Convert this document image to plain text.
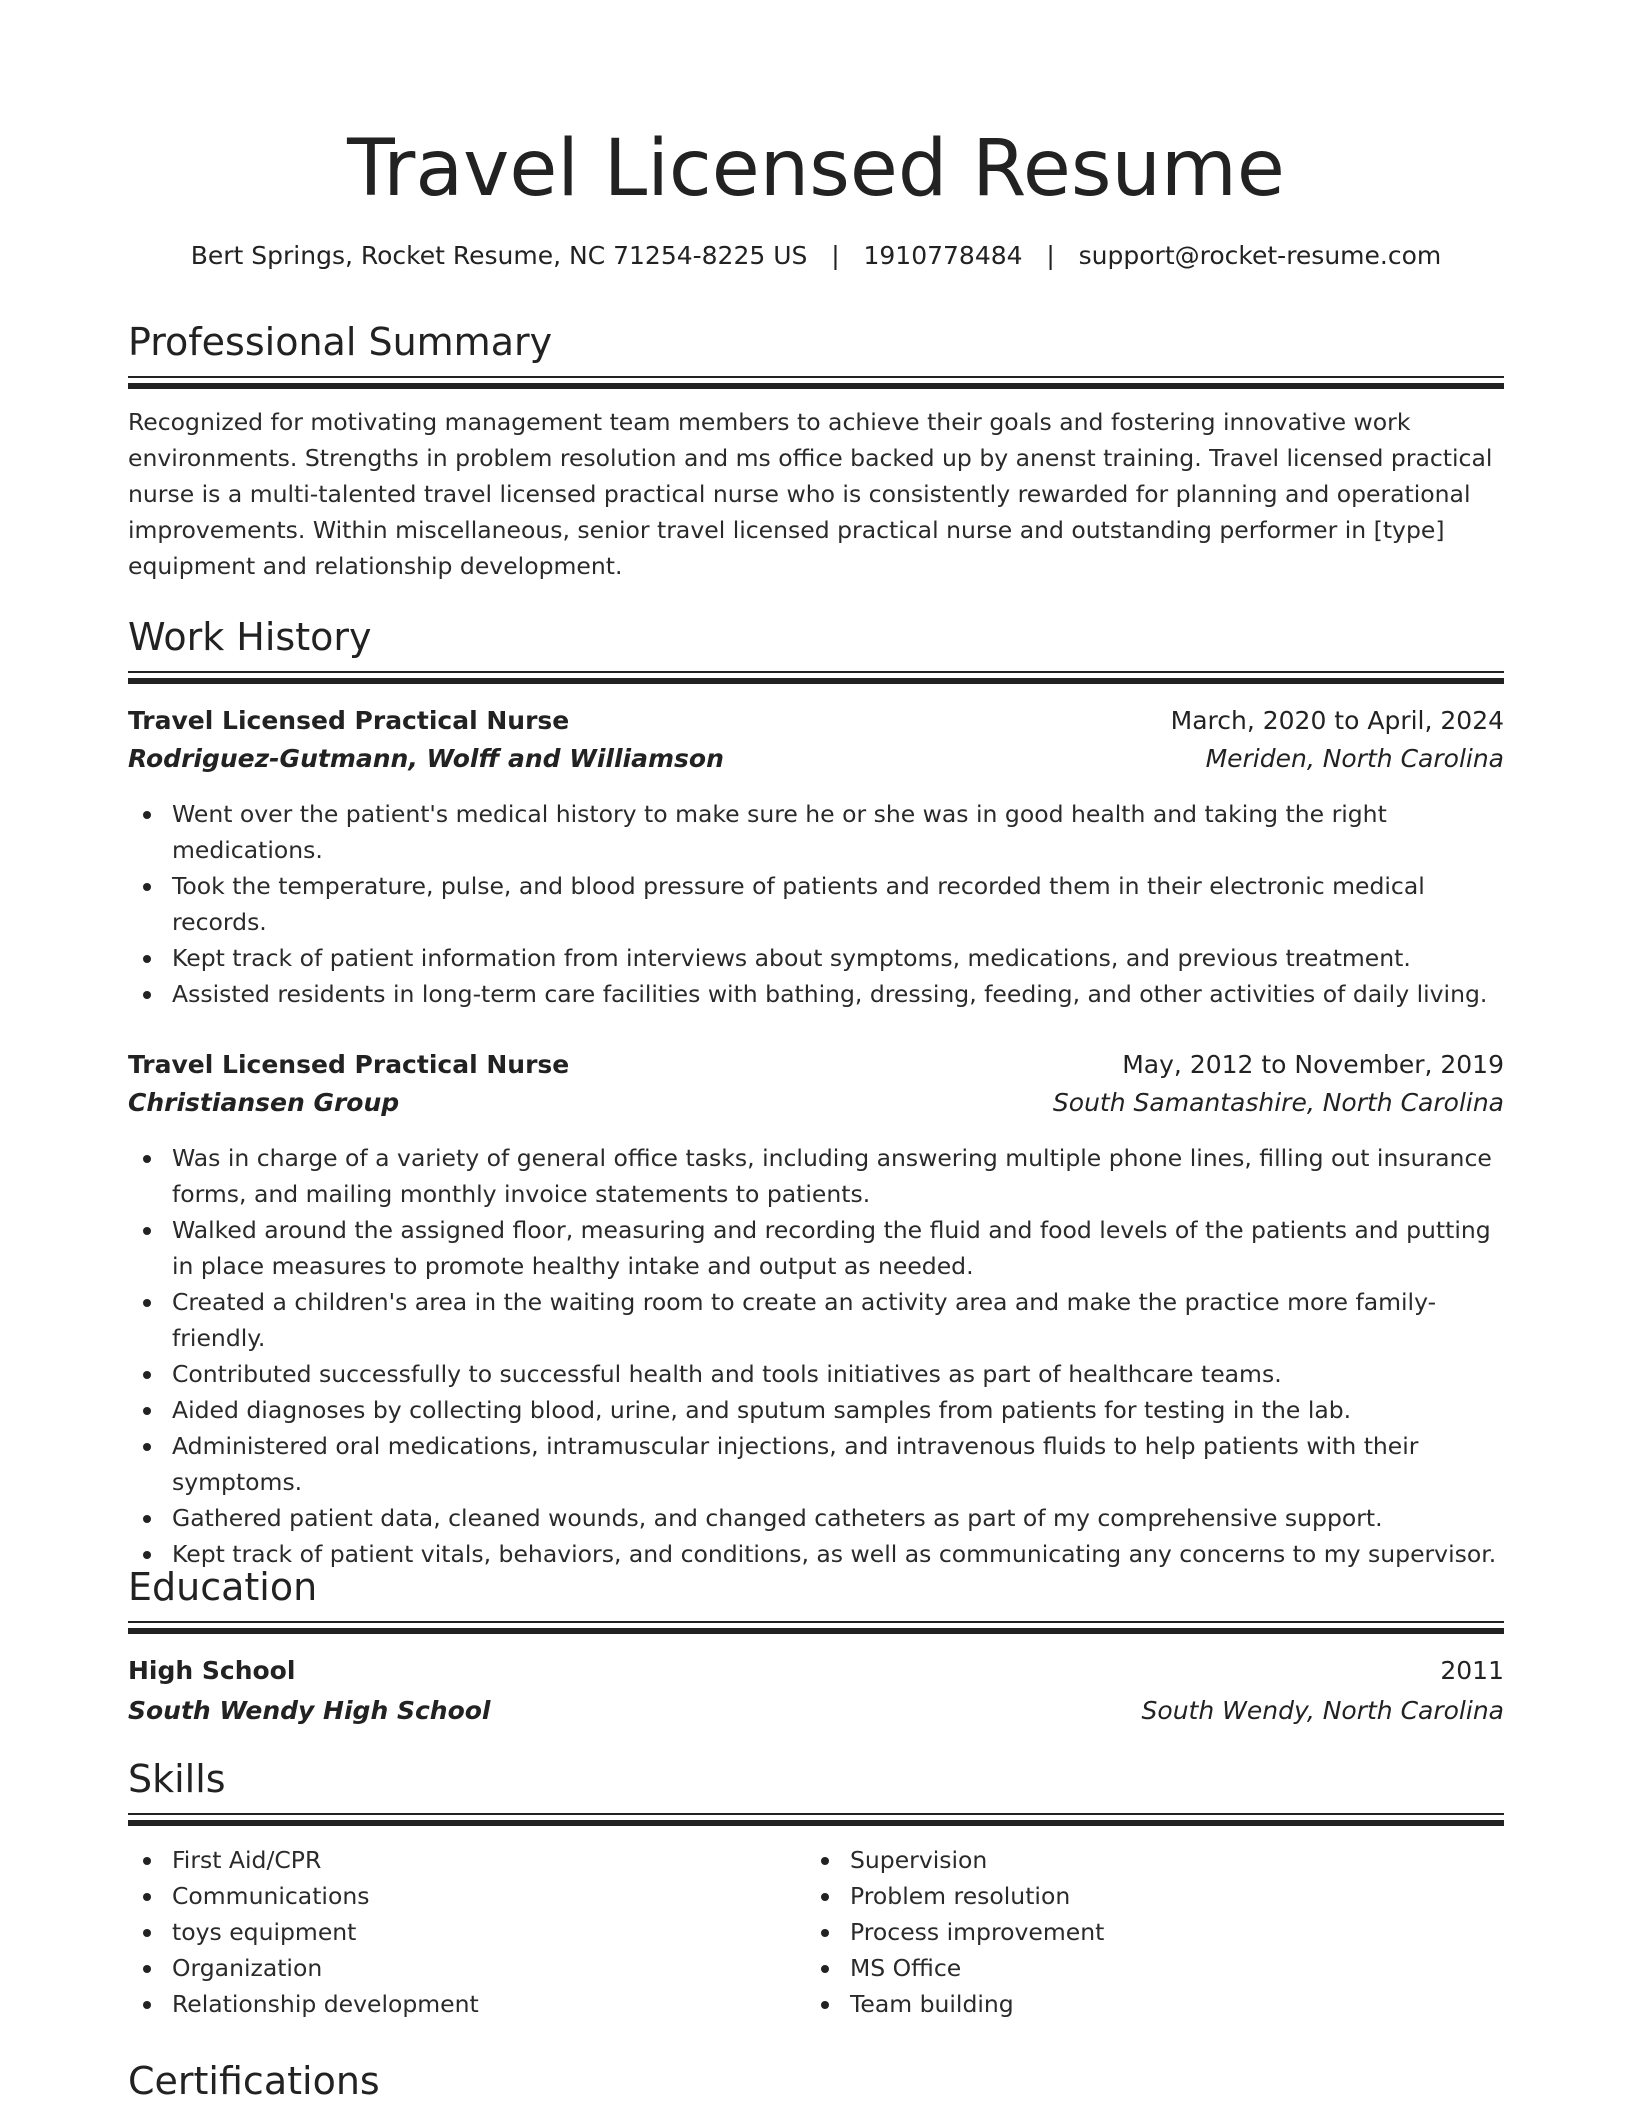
Travel Licensed Resume
Bert Springs, Rocket Resume, NC 71254-8225 US   |   1910778484   |   support@rocket-resume.com
Professional Summary
Recognized for motivating management team members to achieve their goals and fostering innovative work environments. Strengths in problem resolution and ms office backed up by anenst training. Travel licensed practical nurse is a multi-talented travel licensed practical nurse who is consistently rewarded for planning and operational improvements. Within miscellaneous, senior travel licensed practical nurse and outstanding performer in [type] equipment and relationship development.
Work History
Travel Licensed Practical Nurse	March, 2020 to April, 2024
Rodriguez-Gutmann, Wolff and Williamson	Meriden, North Carolina
Went over the patient's medical history to make sure he or she was in good health and taking the right medications.
Took the temperature, pulse, and blood pressure of patients and recorded them in their electronic medical records.
Kept track of patient information from interviews about symptoms, medications, and previous treatment.
Assisted residents in long-term care facilities with bathing, dressing, feeding, and other activities of daily living.
Travel Licensed Practical Nurse	May, 2012 to November, 2019
Christiansen Group	South Samantashire, North Carolina
Was in charge of a variety of general office tasks, including answering multiple phone lines, filling out insurance forms, and mailing monthly invoice statements to patients.
Walked around the assigned floor, measuring and recording the fluid and food levels of the patients and putting in place measures to promote healthy intake and output as needed.
Created a children's area in the waiting room to create an activity area and make the practice more family-friendly.
Contributed successfully to successful health and tools initiatives as part of healthcare teams.
Aided diagnoses by collecting blood, urine, and sputum samples from patients for testing in the lab.
Administered oral medications, intramuscular injections, and intravenous fluids to help patients with their symptoms.
Gathered patient data, cleaned wounds, and changed catheters as part of my comprehensive support.
Kept track of patient vitals, behaviors, and conditions, as well as communicating any concerns to my supervisor.
Education
High School	2011
South Wendy High School	South Wendy, North Carolina
Skills
First Aid/CPR
Communications
toys equipment
Organization
Relationship development
Supervision
Problem resolution
Process improvement
MS Office
Team building
Certifications
